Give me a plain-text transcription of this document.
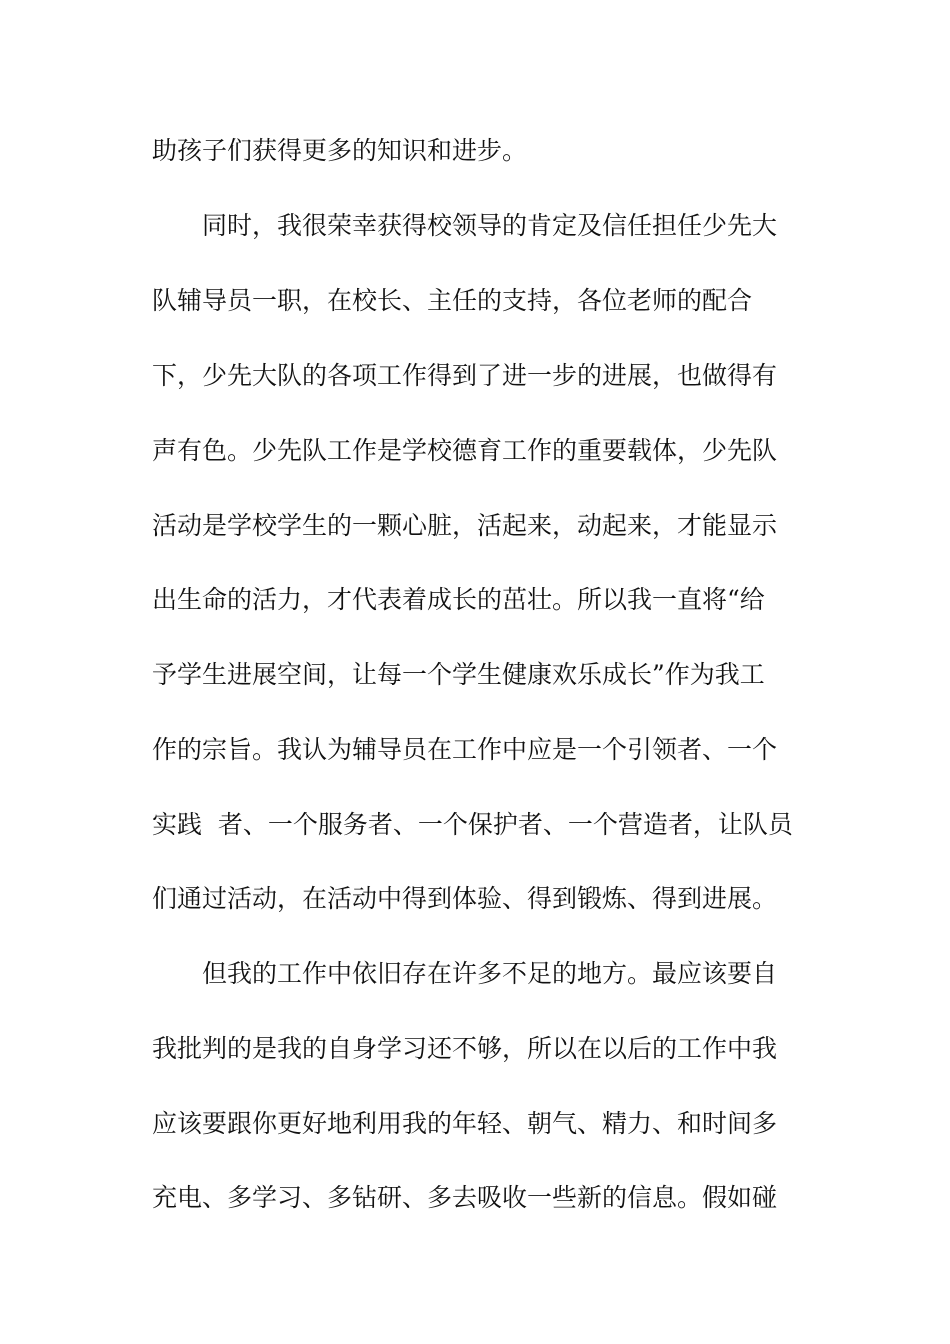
助孩子们获得更多的知识和进步。
同时，我很荣幸获得校领导的肯定及信任担任少先大
队辅导员一职，在校长、主任的支持，各位老师的配合
下，少先大队的各项工作得到了进一步的进展，也做得有
声有色。少先队工作是学校德育工作的重要载体，少先队
活动是学校学生的一颗心脏，活起来，动起来，才能显示
出生命的活力，才代表着成长的茁壮。所以我一直将“给
予学生进展空间，让每一个学生健康欢乐成长”作为我工
作的宗旨。我认为辅导员在工作中应是一个引领者、一个
实践  者、一个服务者、一个保护者、一个营造者，让队员
们通过活动，在活动中得到体验、得到锻炼、得到进展。
但我的工作中依旧存在许多不足的地方。最应该要自
我批判的是我的自身学习还不够，所以在以后的工作中我
应该要跟你更好地利用我的年轻、朝气、精力、和时间多
充电、多学习、多钻研、多去吸收一些新的信息。假如碰
